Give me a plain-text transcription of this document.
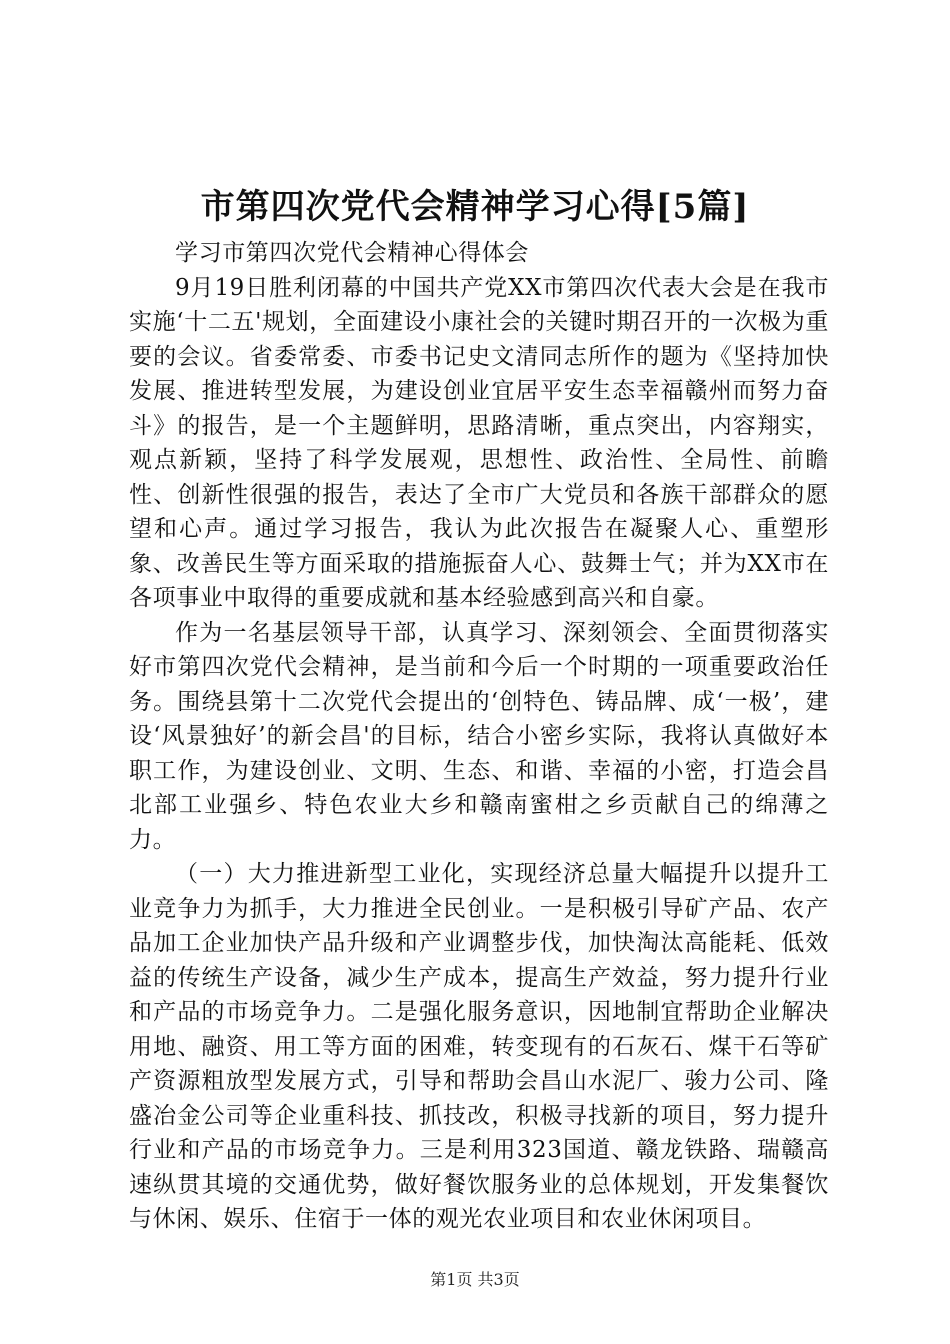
市第四次党代会精神学习心得[5篇]

学习市第四次党代会精神心得体会

9月19日胜利闭幕的中国共产党XX市第四次代表大会是在我市实施‘十二五'规划，全面建设小康社会的关键时期召开的一次极为重要的会议。省委常委、市委书记史文清同志所作的题为《坚持加快发展、推进转型发展，为建设创业宜居平安生态幸福赣州而努力奋斗》的报告，是一个主题鲜明，思路清晰，重点突出，内容翔实，观点新颖，坚持了科学发展观，思想性、政治性、全局性、前瞻性、创新性很强的报告，表达了全市广大党员和各族干部群众的愿望和心声。通过学习报告，我认为此次报告在凝聚人心、重塑形象、改善民生等方面采取的措施振奋人心、鼓舞士气；并为XX市在各项事业中取得的重要成就和基本经验感到高兴和自豪。

作为一名基层领导干部，认真学习、深刻领会、全面贯彻落实好市第四次党代会精神，是当前和今后一个时期的一项重要政治任务。围绕县第十二次党代会提出的‘创特色、铸品牌、成‘一极’，建设‘风景独好’的新会昌'的目标，结合小密乡实际，我将认真做好本职工作，为建设创业、文明、生态、和谐、幸福的小密，打造会昌北部工业强乡、特色农业大乡和赣南蜜柑之乡贡献自己的绵薄之力。

（一）大力推进新型工业化，实现经济总量大幅提升以提升工业竞争力为抓手，大力推进全民创业。一是积极引导矿产品、农产品加工企业加快产品升级和产业调整步伐，加快淘汰高能耗、低效益的传统生产设备，减少生产成本，提高生产效益，努力提升行业和产品的市场竞争力。二是强化服务意识，因地制宜帮助企业解决用地、融资、用工等方面的困难，转变现有的石灰石、煤干石等矿产资源粗放型发展方式，引导和帮助会昌山水泥厂、骏力公司、隆盛冶金公司等企业重科技、抓技改，积极寻找新的项目，努力提升行业和产品的市场竞争力。三是利用323国道、赣龙铁路、瑞赣高速纵贯其境的交通优势，做好餐饮服务业的总体规划，开发集餐饮与休闲、娱乐、住宿于一体的观光农业项目和农业休闲项目。

第1页 共3页
